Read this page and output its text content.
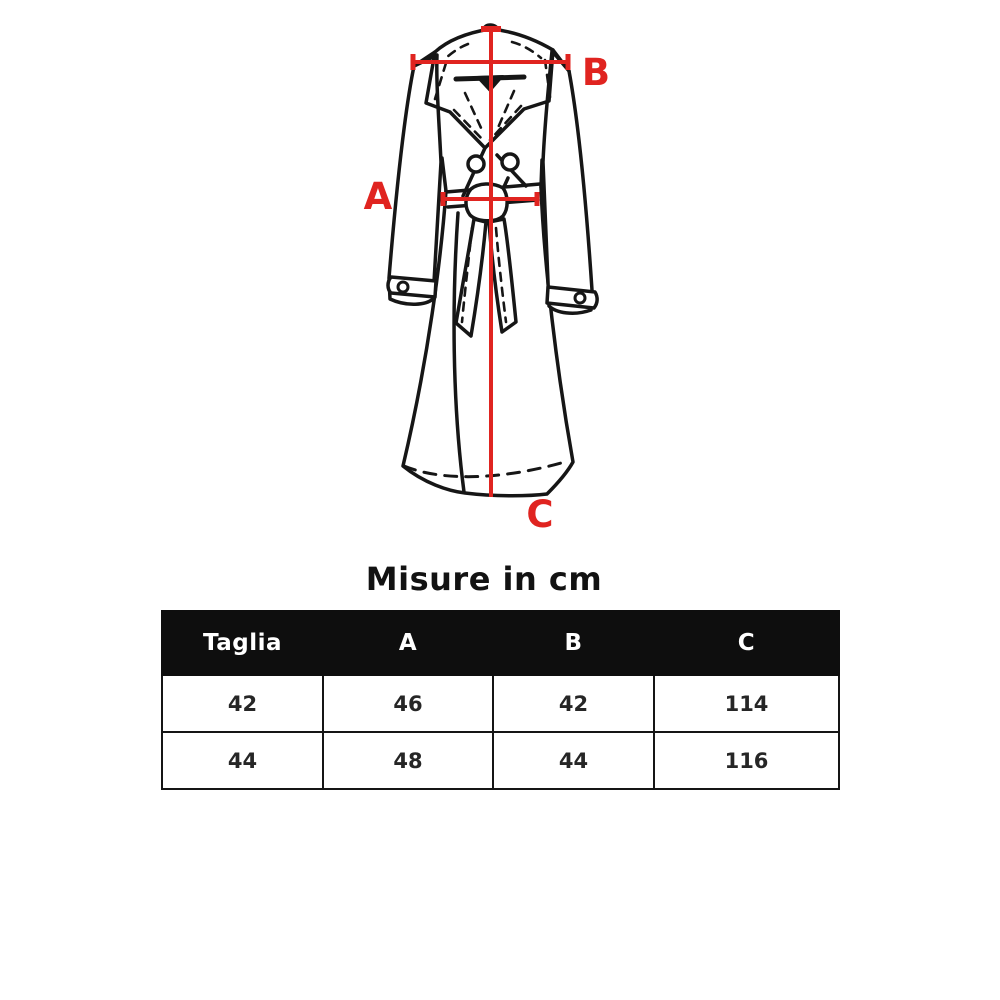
A
B
C
Misure in cm
Taglia	A	B	C
42	46	42	114
44	48	44	116
